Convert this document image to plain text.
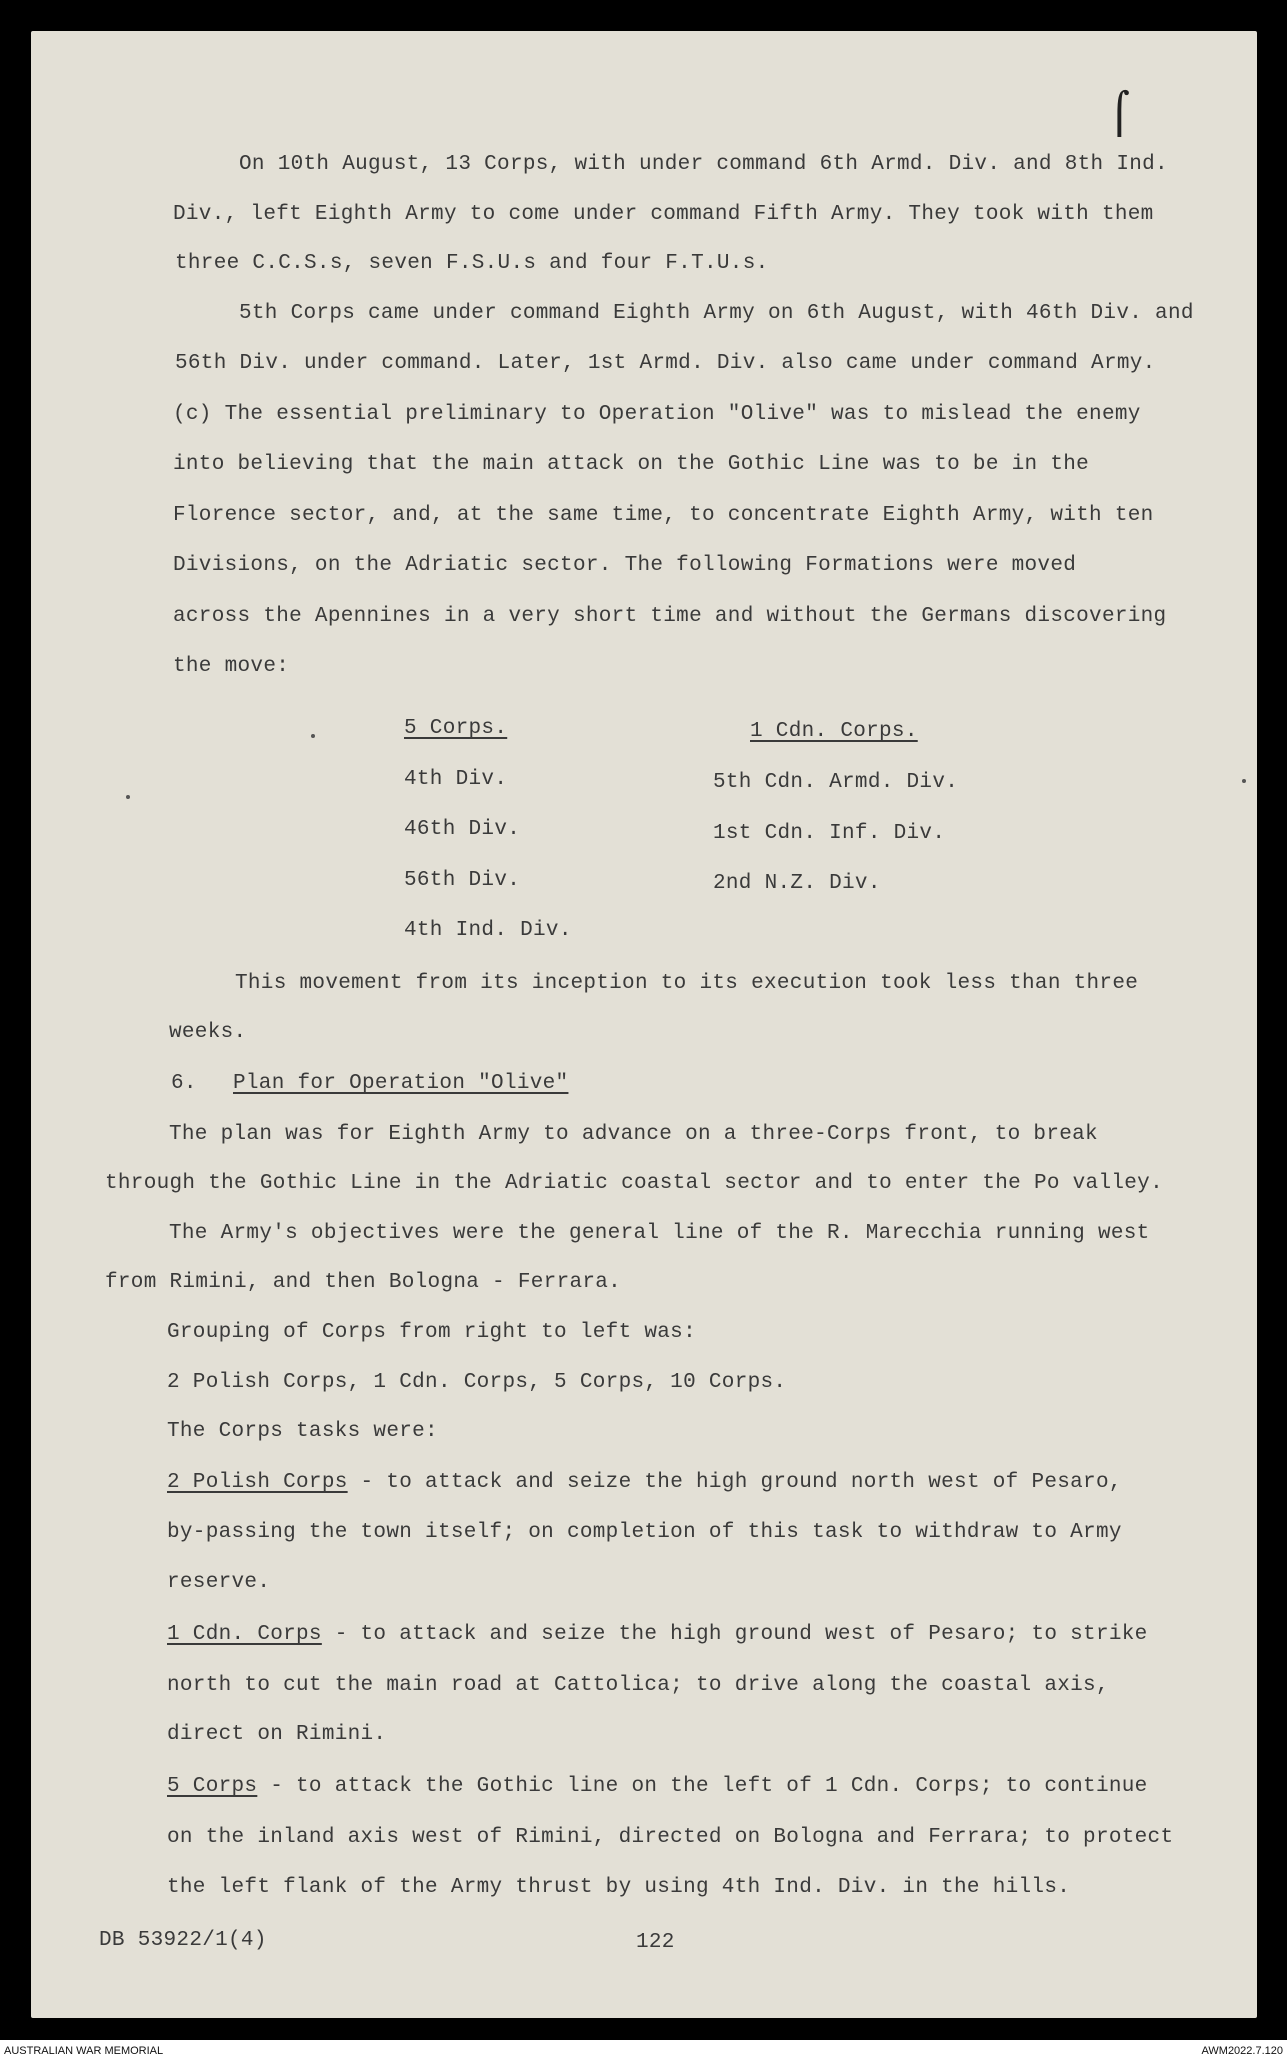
On 10th August, 13 Corps, with under command 6th Armd. Div. and 8th Ind.
Div., left Eighth Army to come under command Fifth Army. They took with them
three C.C.S.s, seven F.S.U.s and four F.T.U.s.
5th Corps came under command Eighth Army on 6th August, with 46th Div. and
56th Div. under command. Later, 1st Armd. Div. also came under command Army.
(c) The essential preliminary to Operation "Olive" was to mislead the enemy
into believing that the main attack on the Gothic Line was to be in the
Florence sector, and, at the same time, to concentrate Eighth Army, with ten
Divisions, on the Adriatic sector. The following Formations were moved
across the Apennines in a very short time and without the Germans discovering
the move:
5 Corps.
4th Div.
46th Div.
56th Div.
4th Ind. Div.
1 Cdn. Corps.
5th Cdn. Armd. Div.
1st Cdn. Inf. Div.
2nd N.Z. Div.
This movement from its inception to its execution took less than three
weeks.
6. Plan for Operation "Olive"
The plan was for Eighth Army to advance on a three-Corps front, to break
through the Gothic Line in the Adriatic coastal sector and to enter the Po valley.
The Army's objectives were the general line of the R. Marecchia running west
from Rimini, and then Bologna - Ferrara.
Grouping of Corps from right to left was:
2 Polish Corps, 1 Cdn. Corps, 5 Corps, 10 Corps.
The Corps tasks were:
2 Polish Corps - to attack and seize the high ground north west of Pesaro,
by-passing the town itself; on completion of this task to withdraw to Army
reserve.
1 Cdn. Corps - to attack and seize the high ground west of Pesaro; to strike
north to cut the main road at Cattolica; to drive along the coastal axis,
direct on Rimini.
5 Corps - to attack the Gothic line on the left of 1 Cdn. Corps; to continue
on the inland axis west of Rimini, directed on Bologna and Ferrara; to protect
the left flank of the Army thrust by using 4th Ind. Div. in the hills.
DB 53922/1(4)	122
⌠
AUSTRALIAN WAR MEMORIAL	AWM2022.7.120
